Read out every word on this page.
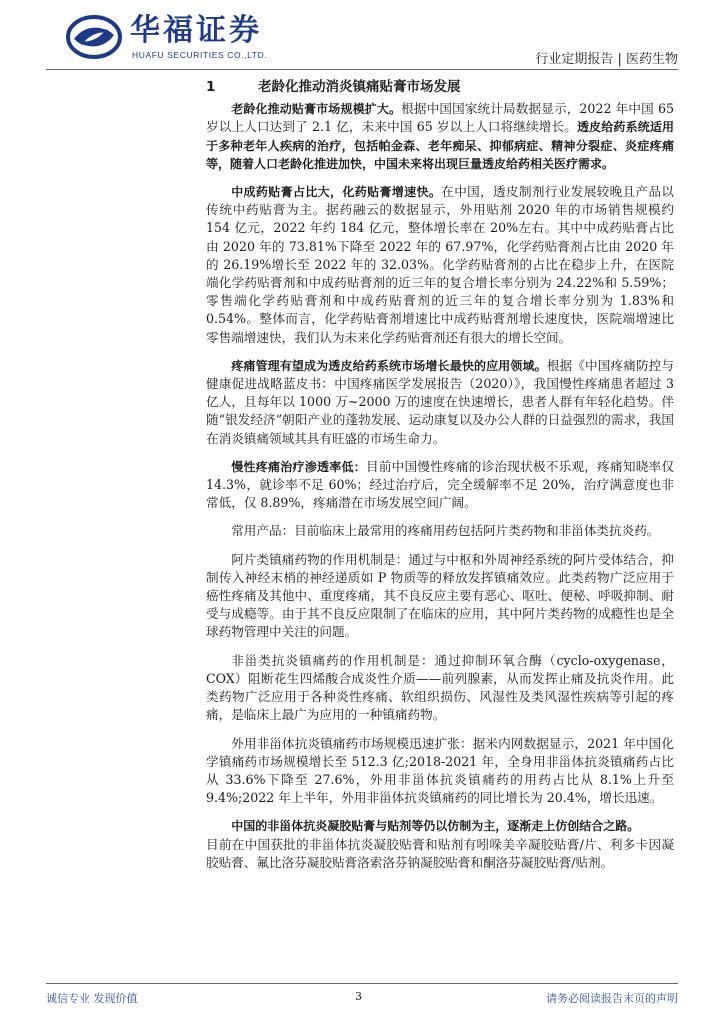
华福证券
HUAFU SECURITIES CO.,LTD.	行业定期报告 | 医药生物
1	老龄化推动消炎镇痛贴膏市场发展

老龄化推动贴膏市场规模扩大。根据中国国家统计局数据显示，2022 年中国 65 岁以上人口达到了 2.1 亿，未来中国 65 岁以上人口将继续增长。透皮给药系统适用于多种老年人疾病的治疗，包括帕金森、老年痴呆、抑郁病症、精神分裂症、炎症疼痛等，随着人口老龄化推进加快，中国未来将出现巨量透皮给药相关医疗需求。

中成药贴膏占比大，化药贴膏增速快。在中国，透皮制剂行业发展较晚且产品以传统中药贴膏为主。据药融云的数据显示，外用贴剂 2020 年的市场销售规模约 154 亿元，2022 年约 184 亿元，整体增长率在 20%左右。其中中成药贴膏占比由 2020 年的 73.81%下降至 2022 年的 67.97%，化学药贴膏剂占比由 2020 年的 26.19%增长至 2022 年的 32.03%。化学药贴膏剂的占比在稳步上升，在医院端化学药贴膏剂和中成药贴膏剂的近三年的复合增长率分别为 24.22%和 5.59%；零售端化学药贴膏剂和中成药贴膏剂的近三年的复合增长率分别为 1.83%和 0.54%。整体而言，化学药贴膏剂增速比中成药贴膏剂增长速度快，医院端增速比零售端增速快，我们认为未来化学药贴膏剂还有很大的增长空间。

疼痛管理有望成为透皮给药系统市场增长最快的应用领域。根据《中国疼痛防控与健康促进战略蓝皮书：中国疼痛医学发展报告（2020）》，我国慢性疼痛患者超过 3 亿人，且每年以 1000 万~2000 万的速度在快速增长，患者人群有年轻化趋势。伴随“银发经济”朝阳产业的蓬勃发展、运动康复以及办公人群的日益强烈的需求，我国在消炎镇痛领域其具有旺盛的市场生命力。

慢性疼痛治疗渗透率低：目前中国慢性疼痛的诊治现状极不乐观，疼痛知晓率仅 14.3%，就诊率不足 60%；经过治疗后，完全缓解率不足 20%，治疗满意度也非常低，仅 8.89%，疼痛潜在市场发展空间广阔。

常用产品：目前临床上最常用的疼痛用药包括阿片类药物和非甾体类抗炎药。

阿片类镇痛药物的作用机制是：通过与中枢和外周神经系统的阿片受体结合，抑制传入神经末梢的神经递质如 P 物质等的释放发挥镇痛效应。此类药物广泛应用于癌性疼痛及其他中、重度疼痛，其不良反应主要有恶心、呕吐、便秘、呼吸抑制、耐受与成瘾等。由于其不良反应限制了在临床的应用，其中阿片类药物的成瘾性也是全球药物管理中关注的问题。

非甾类抗炎镇痛药的作用机制是：通过抑制环氧合酶（cyclo-oxygenase，COX）阻断花生四烯酸合成炎性介质——前列腺素，从而发挥止痛及抗炎作用。此类药物广泛应用于各种炎性疼痛、软组织损伤、风湿性及类风湿性疾病等引起的疼痛，是临床上最广为应用的一种镇痛药物。

外用非甾体抗炎镇痛药市场规模迅速扩张：据米内网数据显示，2021 年中国化学镇痛药市场规模增长至 512.3 亿;2018-2021 年，全身用非甾体抗炎镇痛药占比从 33.6%下降至 27.6%，外用非甾体抗炎镇痛药的用药占比从 8.1%上升至 9.4%;2022 年上半年，外用非甾体抗炎镇痛药的同比增长为 20.4%，增长迅速。

中国的非甾体抗炎凝胶贴膏与贴剂等仍以仿制为主，逐渐走上仿创结合之路。

目前在中国获批的非甾体抗炎凝胶贴膏和贴剂有吲哚美辛凝胶贴膏/片、利多卡因凝胶贴膏、氟比洛芬凝胶贴膏洛索洛芬钠凝胶贴膏和酮洛芬凝胶贴膏/贴剂。

诚信专业 发现价值	3	请务必阅读报告末页的声明
